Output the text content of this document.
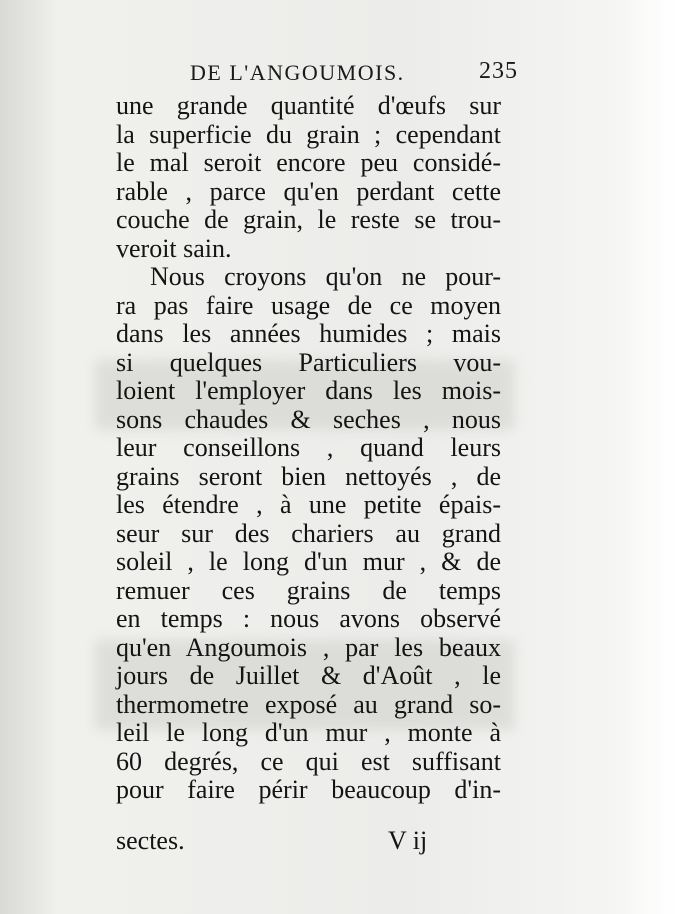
DE L'ANGOUMOIS.	235
une grande quantité d'œufs sur
la superficie du grain ; cependant
le mal seroit encore peu considé-
rable , parce qu'en perdant cette
couche de grain, le reste se trou-
veroit sain.
Nous croyons qu'on ne pour-
ra pas faire usage de ce moyen
dans les années humides ; mais
si quelques Particuliers vou-
loient l'employer dans les mois-
sons chaudes & seches , nous
leur conseillons , quand leurs
grains seront bien nettoyés , de
les étendre , à une petite épais-
seur sur des chariers au grand
soleil , le long d'un mur , & de
remuer ces grains de temps
en temps : nous avons observé
qu'en Angoumois , par les beaux
jours de Juillet & d'Août , le
thermometre exposé au grand so-
leil le long d'un mur , monte à
60 degrés, ce qui est suffisant
pour faire périr beaucoup d'in-
sectes.	V ij
